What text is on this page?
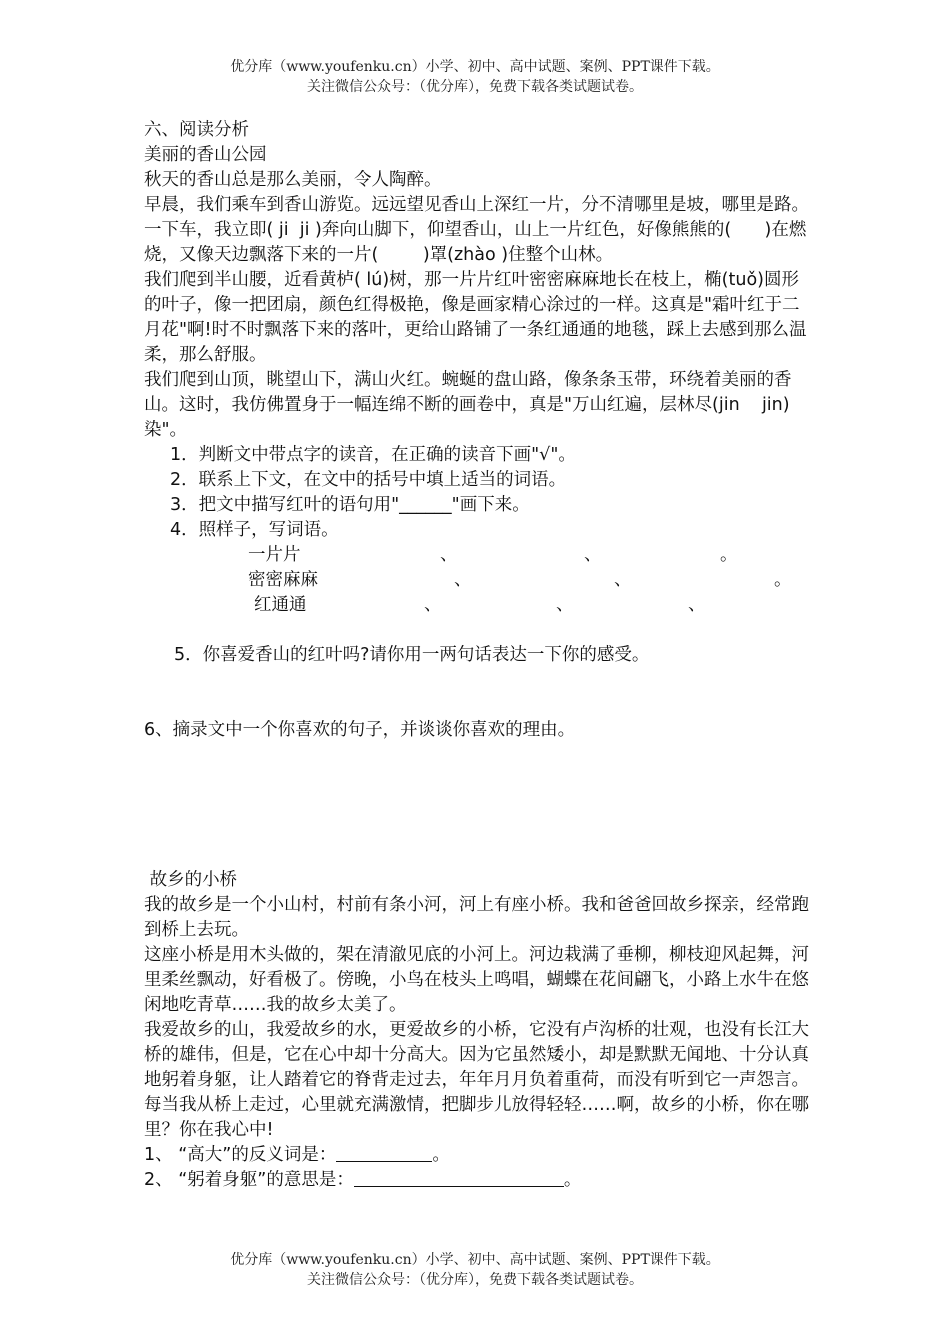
优分库（www.youfenku.cn）小学、初中、高中试题、案例、PPT课件下载。
关注微信公众号：（优分库），免费下载各类试题试卷。

六、阅读分析

美丽的香山公园

秋天的香山总是那么美丽，令人陶醉。

早晨，我们乘车到香山游览。远远望见香山上深红一片，分不清哪里是坡，哪里是路。

一下车，我立即( ji  ji )奔向山脚下，仰望香山，山上一片红色，好像熊熊的(      )在燃烧，又像天边飘落下来的一片(        )罩(zhào )住整个山林。

我们爬到半山腰，近看黄栌( lú)树，那一片片红叶密密麻麻地长在枝上，椭(tuǒ)圆形的叶子，像一把团扇，颜色红得极艳，像是画家精心涂过的一样。这真是"霜叶红于二月花"啊!时不时飘落下来的落叶，更给山路铺了一条红通通的地毯，踩上去感到那么温柔，那么舒服。

我们爬到山顶，眺望山下，满山火红。蜿蜒的盘山路，像条条玉带，环绕着美丽的香山。这时，我仿佛置身于一幅连绵不断的画卷中，真是"万山红遍，层林尽(jin    jin)染"。

1．判断文中带点字的读音，在正确的读音下画"√"。

2．联系上下文，在文中的括号中填上适当的词语。

3．把文中描写红叶的语句用"______"画下来。

4．照样子，写词语。

一片片	、	、	。
密密麻麻	、	、	。
红通通	、	、	、

5．你喜爱香山的红叶吗?请你用一两句话表达一下你的感受。

6、摘录文中一个你喜欢的句子，并谈谈你喜欢的理由。

故乡的小桥

我的故乡是一个小山村，村前有条小河，河上有座小桥。我和爸爸回故乡探亲，经常跑到桥上去玩。

这座小桥是用木头做的，架在清澈见底的小河上。河边栽满了垂柳，柳枝迎风起舞，河里柔丝飘动，好看极了。傍晚，小鸟在枝头上鸣唱，蝴蝶在花间翩飞，小路上水牛在悠闲地吃青草……我的故乡太美了。

我爱故乡的山，我爱故乡的水，更爱故乡的小桥，它没有卢沟桥的壮观，也没有长江大桥的雄伟，但是，它在心中却十分高大。因为它虽然矮小，却是默默无闻地、十分认真地躬着身躯，让人踏着它的脊背走过去，年年月月负着重荷，而没有听到它一声怨言。

每当我从桥上走过，心里就充满激情，把脚步儿放得轻轻……啊，故乡的小桥，你在哪里？你在我心中!

1、 “高大”的反义词是：	。

2、 “躬着身躯”的意思是：	。

优分库（www.youfenku.cn）小学、初中、高中试题、案例、PPT课件下载。
关注微信公众号：（优分库），免费下载各类试题试卷。
